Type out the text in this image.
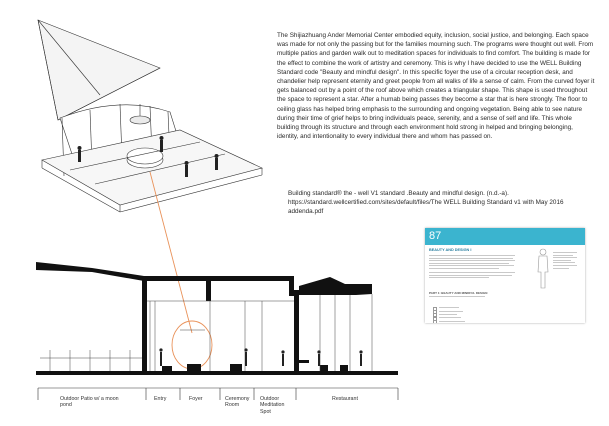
The Shijiazhuang Ander Memorial Center embodied equity, inclusion, social justice, and belonging. Each space was made for not only the passing but for the families mourning such. The programs were thought out well. From multiple patios and garden walk out to meditation spaces for individuals to find comfort. The building is made for the effect to combine the work of artistry and ceremony. This is why I have decided to use the WELL Building Standard code "Beauty and mindful design". In this specific foyer the use of a circular reception desk, and chandelier help represent eternity and greet people from all walks of life a sense of calm. From the curved foyer it gets balanced out by a point of the roof above which creates a triangular shape. This shape is used throughout the space to represent a star. After a humab being passes they become a star that is here strongly. The floor to ceiling glass has helped bring emphasis to the surrounding and ongoing vegetation. Being able to see nature during their time of grief helps to bring individuals peace, serenity, and a sense of self and life. This whole building through its structure and through each environment hold strong in helped and bringing belonging, identity, and intentionality to every individual there and whom has passed on.

Building standard® the - well V1 standard .Beauty and mindful design. (n.d.-a). https://standard.wellcertified.com/sites/default/files/The WELL Building Standard v1 with May 2016 addenda.pdf

87
BEAUTY AND DESIGN I
PART 1: BEAUTY AND MINDFUL DESIGN
Outdoor Patio w/ a moon pond
Entry	Foyer	Ceremony Room
Outdoor Meditation Spot
Restaurant
